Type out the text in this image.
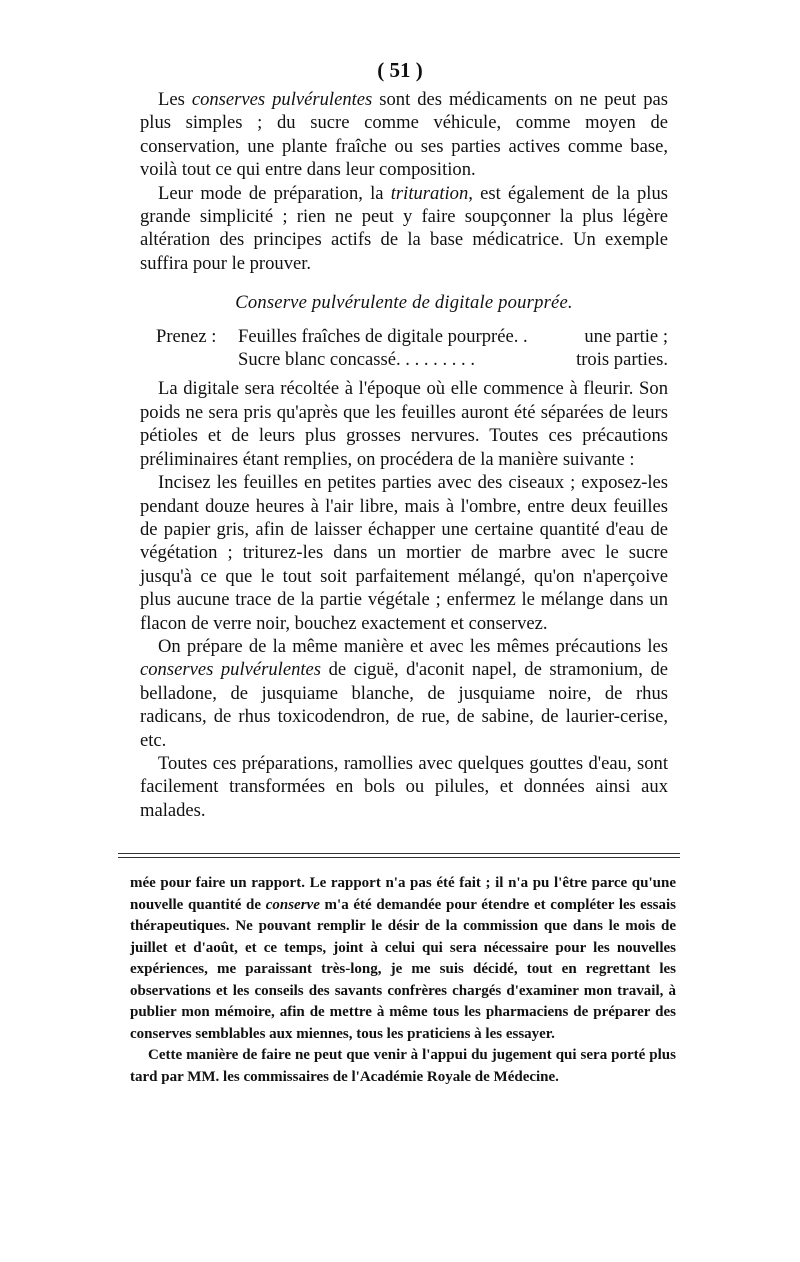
( 51 )

Les conserves pulvérulentes sont des médicaments on ne peut pas plus simples ; du sucre comme véhicule, comme moyen de conservation, une plante fraîche ou ses parties actives comme base, voilà tout ce qui entre dans leur composition.

Leur mode de préparation, la trituration, est également de la plus grande simplicité ; rien ne peut y faire soupçonner la plus légère altération des principes actifs de la base médicatrice. Un exemple suffira pour le prouver.

Conserve pulvérulente de digitale pourprée.
Prenez :	Feuilles fraîches de digitale pourprée. .	une partie ;
Sucre blanc concassé. . . . . . . . .	trois parties.

La digitale sera récoltée à l'époque où elle commence à fleurir. Son poids ne sera pris qu'après que les feuilles auront été séparées de leurs pétioles et de leurs plus grosses nervures. Toutes ces précautions préliminaires étant remplies, on procédera de la manière suivante :

Incisez les feuilles en petites parties avec des ciseaux ; exposez-les pendant douze heures à l'air libre, mais à l'ombre, entre deux feuilles de papier gris, afin de laisser échapper une certaine quantité d'eau de végétation ; triturez-les dans un mortier de marbre avec le sucre jusqu'à ce que le tout soit parfaitement mélangé, qu'on n'aperçoive plus aucune trace de la partie végétale ; enfermez le mélange dans un flacon de verre noir, bouchez exactement et conservez.

On prépare de la même manière et avec les mêmes précautions les conserves pulvérulentes de ciguë, d'aconit napel, de stramonium, de belladone, de jusquiame blanche, de jusquiame noire, de rhus radicans, de rhus toxicodendron, de rue, de sabine, de laurier-cerise, etc.

Toutes ces préparations, ramollies avec quelques gouttes d'eau, sont facilement transformées en bols ou pilules, et données ainsi aux malades.

mée pour faire un rapport. Le rapport n'a pas été fait ; il n'a pu l'être parce qu'une nouvelle quantité de conserve m'a été demandée pour étendre et compléter les essais thérapeutiques. Ne pouvant remplir le désir de la commission que dans le mois de juillet et d'août, et ce temps, joint à celui qui sera nécessaire pour les nouvelles expériences, me paraissant très-long, je me suis décidé, tout en regrettant les observations et les conseils des savants confrères chargés d'examiner mon travail, à publier mon mémoire, afin de mettre à même tous les pharmaciens de préparer des conserves semblables aux miennes, tous les praticiens à les essayer.

Cette manière de faire ne peut que venir à l'appui du jugement qui sera porté plus tard par MM. les commissaires de l'Académie Royale de Médecine.
